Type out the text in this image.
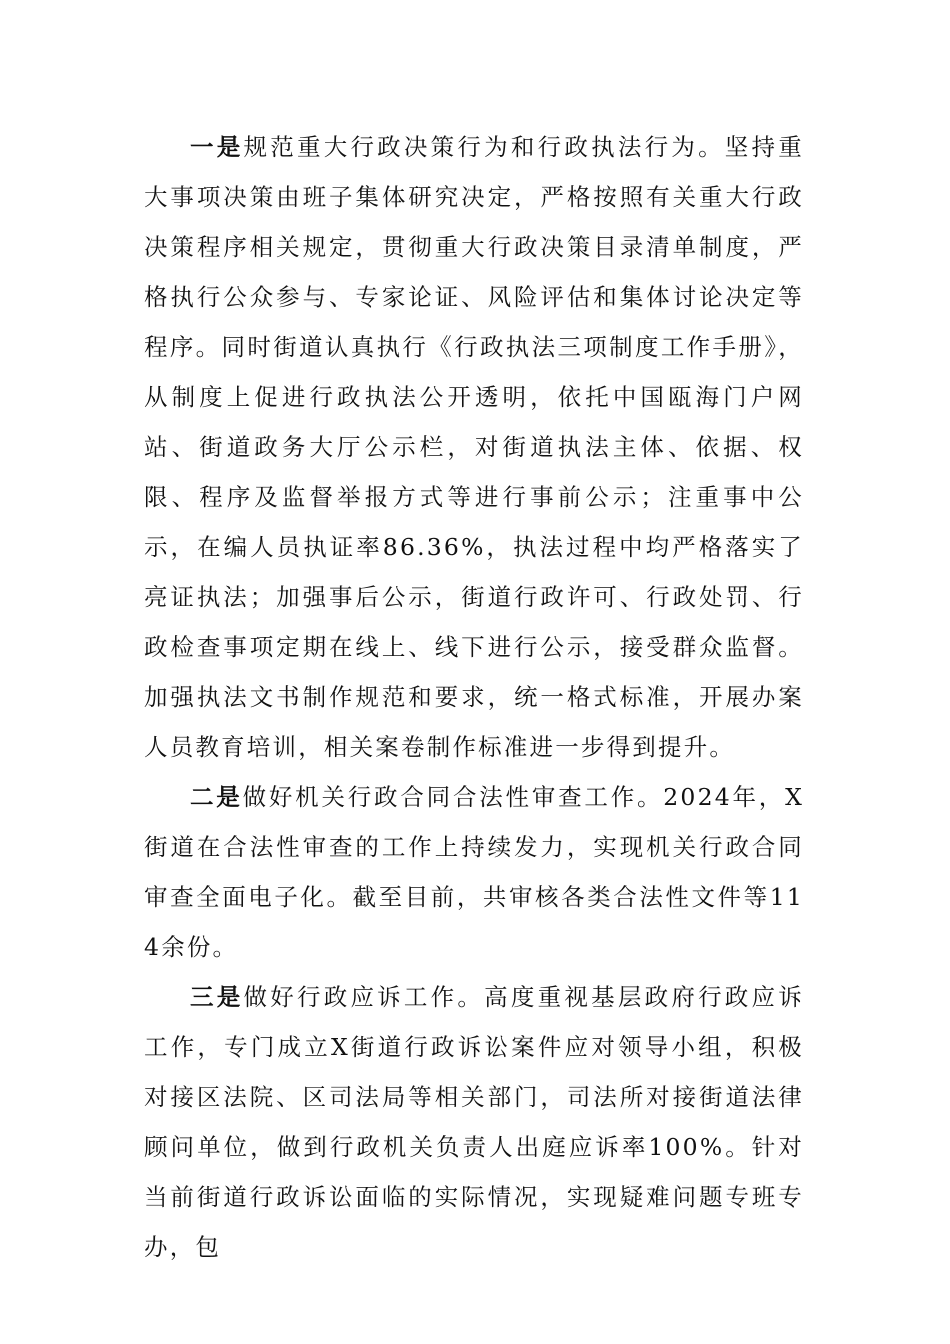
一是规范重大行政决策行为和行政执法行为。坚持重大事项决策由班子集体研究决定，严格按照有关重大行政决策程序相关规定，贯彻重大行政决策目录清单制度，严格执行公众参与、专家论证、风险评估和集体讨论决定等程序。同时街道认真执行《行政执法三项制度工作手册》，从制度上促进行政执法公开透明，依托中国瓯海门户网站、街道政务大厅公示栏，对街道执法主体、依据、权限、程序及监督举报方式等进行事前公示；注重事中公示，在编人员执证率86.36%，执法过程中均严格落实了亮证执法；加强事后公示，街道行政许可、行政处罚、行政检查事项定期在线上、线下进行公示，接受群众监督。加强执法文书制作规范和要求，统一格式标准，开展办案人员教育培训，相关案卷制作标准进一步得到提升。

二是做好机关行政合同合法性审查工作。2024年，X街道在合法性审查的工作上持续发力，实现机关行政合同审查全面电子化。截至目前，共审核各类合法性文件等114余份。

三是做好行政应诉工作。高度重视基层政府行政应诉工作，专门成立X街道行政诉讼案件应对领导小组，积极对接区法院、区司法局等相关部门，司法所对接街道法律顾问单位，做到行政机关负责人出庭应诉率100%。针对当前街道行政诉讼面临的实际情况，实现疑难问题专班专办，包
